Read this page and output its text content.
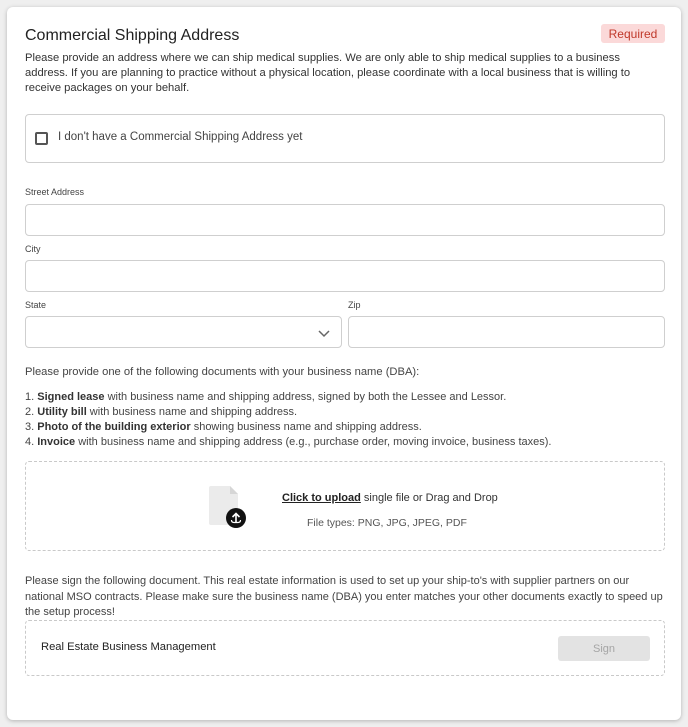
Commercial Shipping Address	Required
Please provide an address where we can ship medical supplies. We are only able to ship medical supplies to a business address. If you are planning to practice without a physical location, please coordinate with a local business that is willing to receive packages on your behalf.
I don't have a Commercial Shipping Address yet
Street Address
City
State	Zip
Please provide one of the following documents with your business name (DBA):
1. Signed lease with business name and shipping address, signed by both the Lessee and Lessor.
2. Utility bill with business name and shipping address.
3. Photo of the building exterior showing business name and shipping address.
4. Invoice with business name and shipping address (e.g., purchase order, moving invoice, business taxes).
Click to upload single file or Drag and Drop
File types: PNG, JPG, JPEG, PDF
Please sign the following document. This real estate information is used to set up your ship-to's with supplier partners on our national MSO contracts. Please make sure the business name (DBA) you enter matches your other documents exactly to speed up the setup process!
Real Estate Business Management	Sign
